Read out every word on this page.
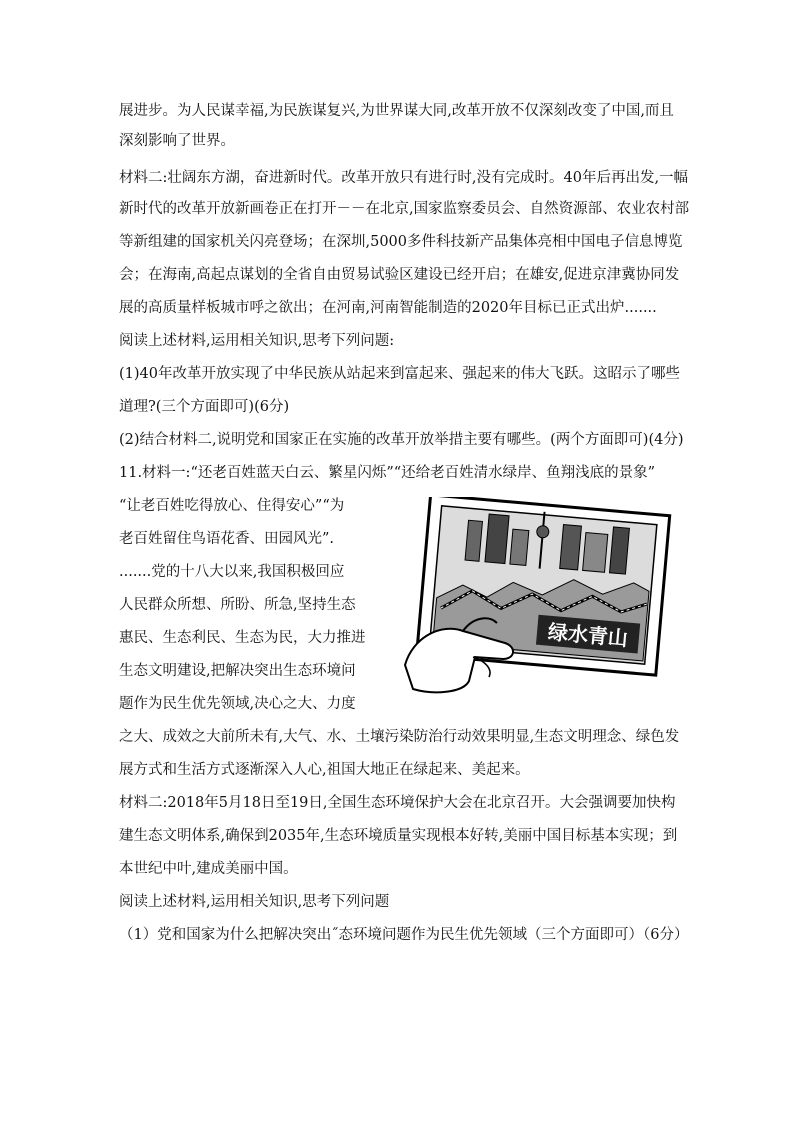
展进步。为人民谋幸福,为民族谋复兴,为世界谋大同,改革开放不仅深刻改变了中国,而且
深刻影响了世界。
材料二:壮阔东方湖，奋进新时代。改革开放只有进行时,没有完成时。40年后再出发,一幅
新时代的改革开放新画卷正在打开－－在北京,国家监察委员会、自然资源部、农业农村部
等新组建的国家机关闪亮登场；在深圳,5000多件科技新产品集体亮相中国电子信息博览
会；在海南,高起点谋划的全省自由贸易试验区建设已经开启；在雄安,促进京津冀协同发
展的高质量样板城市呼之欲出；在河南,河南智能制造的2020年目标已正式出炉.......
阅读上述材料,运用相关知识,思考下列问题:
(1)40年改革开放实现了中华民族从站起来到富起来、强起来的伟大飞跃。这昭示了哪些
道理?(三个方面即可)(6分)
(2)结合材料二,说明党和国家正在实施的改革开放举措主要有哪些。(两个方面即可)(4分)
11.材料一:“还老百姓蓝天白云、繁星闪烁”“还给老百姓清水绿岸、鱼翔浅底的景象”
“让老百姓吃得放心、住得安心”“为
老百姓留住鸟语花香、田园风光”.
.......党的十八大以来,我国积极回应
人民群众所想、所盼、所急,坚持生态
惠民、生态利民、生态为民，大力推进
生态文明建设,把解决突出生态环境问
题作为民生优先领域,决心之大、力度
之大、成效之大前所未有,大气、水、土壤污染防治行动效果明显,生态文明理念、绿色发
展方式和生活方式逐渐深入人心,祖国大地正在绿起来、美起来。
材料二:2018年5月18日至19日,全国生态环境保护大会在北京召开。大会强调要加快构
建生态文明体系,确保到2035年,生态环境质量实现根本好转,美丽中国目标基本实现；到
本世纪中叶,建成美丽中国。
阅读上述材料,运用相关知识,思考下列问题
（1）党和国家为什么把解决突出˝态环境问题作为民生优先领域（三个方面即可）（6分）
绿水青山
